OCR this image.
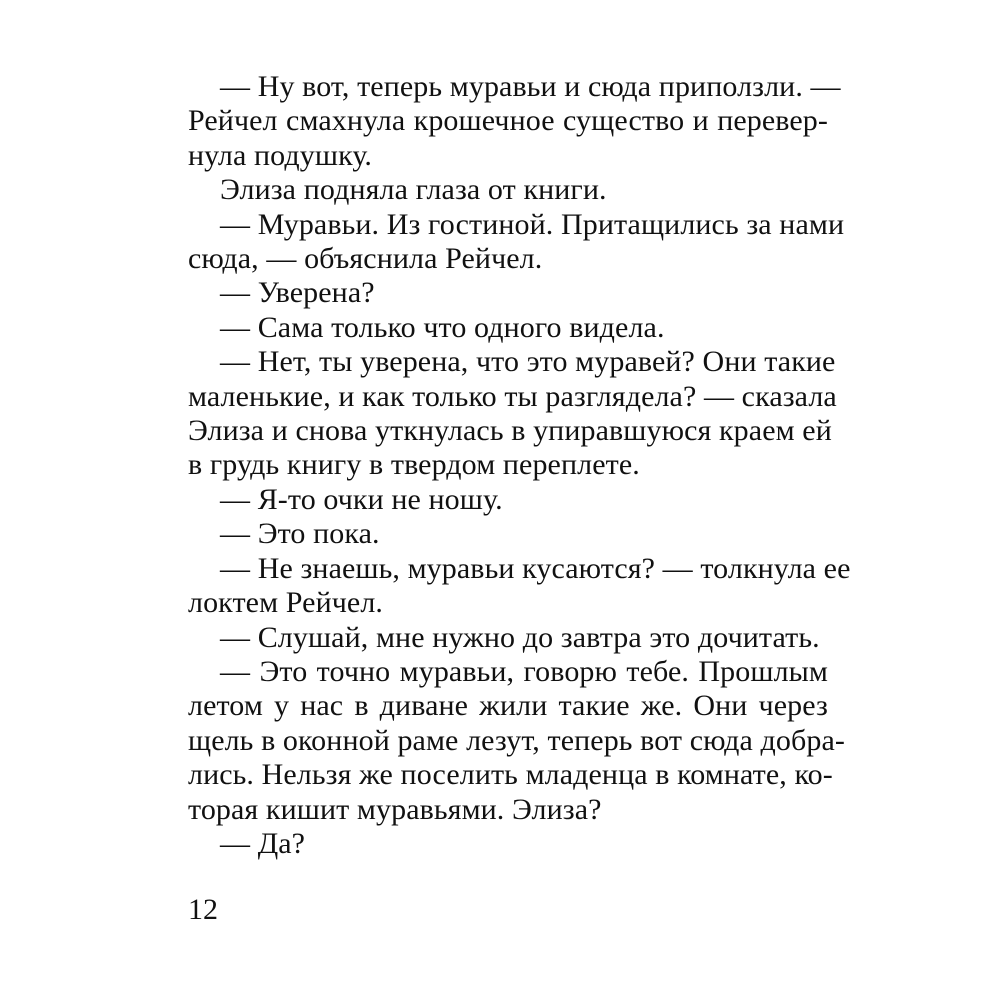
— Ну вот, теперь муравьи и сюда приползли. —
Рейчел смахнула крошечное существо и перевер-
нула подушку.
Элиза подняла глаза от книги.
— Муравьи. Из гостиной. Притащились за нами
сюда, — объяснила Рейчел.
— Уверена?
— Сама только что одного видела.
— Нет, ты уверена, что это муравей? Они такие
маленькие, и как только ты разглядела? — сказала
Элиза и снова уткнулась в упиравшуюся краем ей
в грудь книгу в твердом переплете.
— Я-то очки не ношу.
— Это пока.
— Не знаешь, муравьи кусаются? — толкнула ее
локтем Рейчел.
— Слушай, мне нужно до завтра это дочитать.
— Это точно муравьи, говорю тебе. Прошлым
летом у нас в диване жили такие же. Они через
щель в оконной раме лезут, теперь вот сюда добра-
лись. Нельзя же поселить младенца в комнате, ко-
торая кишит муравьями. Элиза?
— Да?
12
